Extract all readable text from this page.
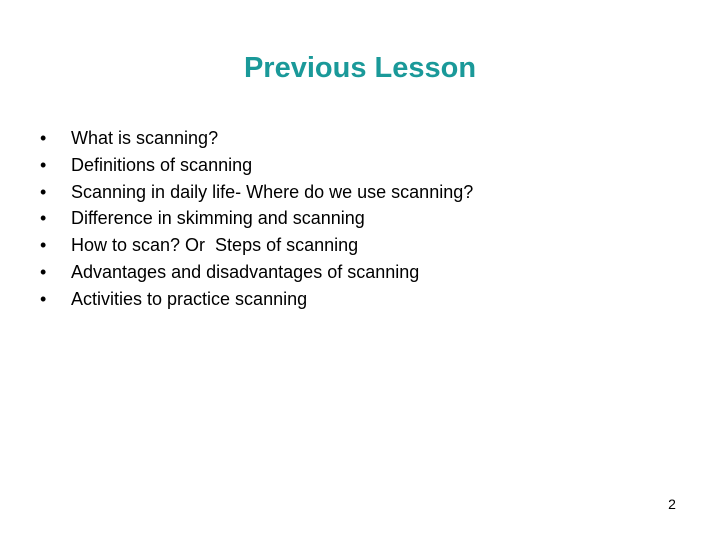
Previous Lesson
•	What is scanning?
•	Definitions of scanning
•	Scanning in daily life- Where do we use scanning?
•	Difference in skimming and scanning
•	How to scan? Or  Steps of scanning
•	Advantages and disadvantages of scanning
•	Activities to practice scanning
2
